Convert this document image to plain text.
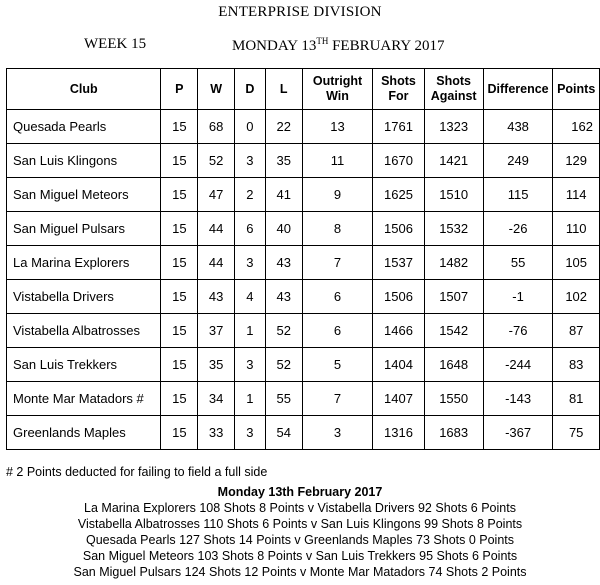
ENTERPRISE DIVISION
WEEK 15	MONDAY 13TH FEBRUARY 2017
Club	P	W	D	L	Outright Win	Shots For	Shots Against	Difference	Points
Quesada Pearls	15	68	0	22	13	1761	1323	438	162
San Luis Klingons	15	52	3	35	11	1670	1421	249	129
San Miguel Meteors	15	47	2	41	9	1625	1510	115	114
San Miguel Pulsars	15	44	6	40	8	1506	1532	-26	110
La Marina Explorers	15	44	3	43	7	1537	1482	55	105
Vistabella Drivers	15	43	4	43	6	1506	1507	-1	102
Vistabella Albatrosses	15	37	1	52	6	1466	1542	-76	87
San Luis Trekkers	15	35	3	52	5	1404	1648	-244	83
Monte Mar Matadors #	15	34	1	55	7	1407	1550	-143	81
Greenlands Maples	15	33	3	54	3	1316	1683	-367	75
# 2 Points deducted for failing to field a full side
Monday 13th February 2017
La Marina Explorers 108 Shots 8 Points v Vistabella Drivers 92 Shots 6 Points
Vistabella Albatrosses 110 Shots 6 Points v San Luis Klingons 99 Shots 8 Points
Quesada Pearls 127 Shots 14 Points v Greenlands Maples 73 Shots 0 Points
San Miguel Meteors 103 Shots 8 Points v San Luis Trekkers 95 Shots 6 Points
San Miguel Pulsars 124 Shots 12 Points v Monte Mar Matadors 74 Shots 2 Points
